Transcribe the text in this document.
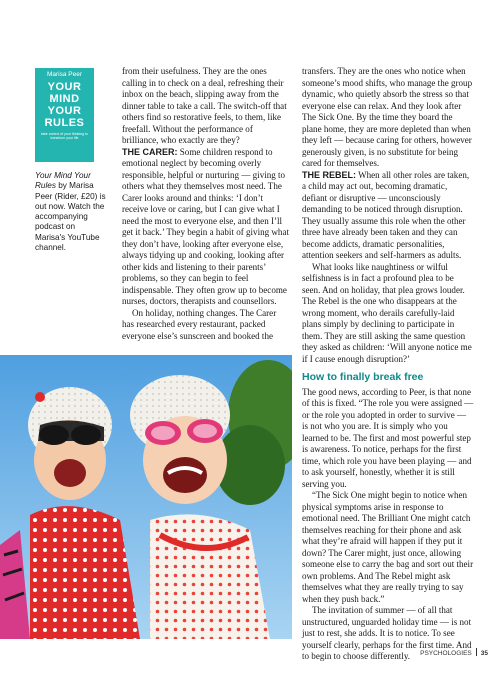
Marisa Peer
YOUR
MIND
YOUR
RULES
take control of your thinking to transform your life
Your Mind Your Rules by Marisa Peer (Rider, £20) is out now. Watch the accompanying podcast on Marisa's YouTube channel.

from their usefulness. They are the ones calling in to check on a deal, refreshing their inbox on the beach, slipping away from the dinner table to take a call. The switch-off that others find so restorative feels, to them, like freefall. Without the performance of brilliance, who exactly are they?

THE CARER: Some children respond to emotional neglect by becoming overly responsible, helpful or nurturing — giving to others what they themselves most need. The Carer looks around and thinks: ‘I don’t receive love or caring, but I can give what I need the most to everyone else, and then I’ll get it back.’ They begin a habit of giving what they don’t have, looking after everyone else, always tidying up and cooking, looking after other kids and listening to their parents’ problems, so they can begin to feel indispensable. They often grow up to become nurses, doctors, therapists and counsellors.

On holiday, nothing changes. The Carer has researched every restaurant, packed everyone else’s sunscreen and booked the

transfers. They are the ones who notice when someone’s mood shifts, who manage the group dynamic, who quietly absorb the stress so that everyone else can relax. And they look after The Sick One. By the time they board the plane home, they are more depleted than when they left — because caring for others, however generously given, is no substitute for being cared for themselves.

THE REBEL: When all other roles are taken, a child may act out, becoming dramatic, defiant or disruptive — unconsciously demanding to be noticed through disruption. They usually assume this role when the other three have already been taken and they can become addicts, dramatic personalities, attention seekers and self-harmers as adults.

What looks like naughtiness or wilful selfishness is in fact a profound plea to be seen. And on holiday, that plea grows louder. The Rebel is the one who disappears at the wrong moment, who derails carefully-laid plans simply by declining to participate in them. They are still asking the same question they asked as children: ‘Will anyone notice me if I cause enough disruption?’

How to finally break free

The good news, according to Peer, is that none of this is fixed. “The role you were assigned — or the role you adopted in order to survive — is not who you are. It is simply who you learned to be. The first and most powerful step is awareness. To notice, perhaps for the first time, which role you have been playing — and to ask yourself, honestly, whether it is still serving you.

“The Sick One might begin to notice when physical symptoms arise in response to emotional need. The Brilliant One might catch themselves reaching for their phone and ask what they’re afraid will happen if they put it down? The Carer might, just once, allowing someone else to carry the bag and sort out their own problems. And The Rebel might ask themselves what they are really trying to say when they push back.”

The invitation of summer — of all that unstructured, unguarded holiday time — is not just to rest, she adds. It is to notice. To see yourself clearly, perhaps for the first time. And to begin to choose differently.	PSYCHOLOGIES 35
